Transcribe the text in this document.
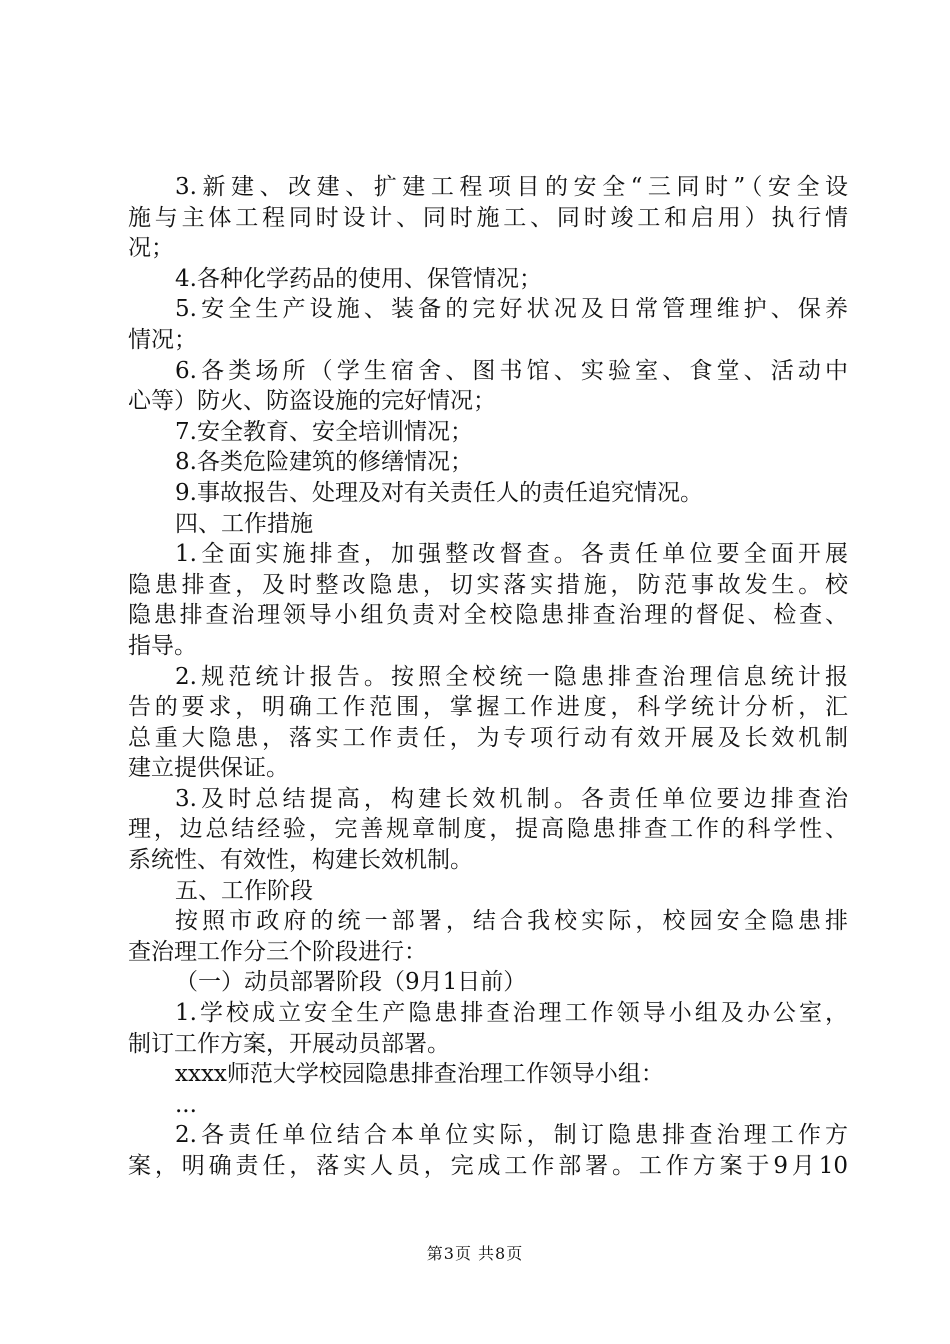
3.新建、改建、扩建工程项目的安全“三同时”（安全设
施与主体工程同时设计、同时施工、同时竣工和启用）执行情
况；
4.各种化学药品的使用、保管情况；
5.安全生产设施、装备的完好状况及日常管理维护、保养
情况；
6.各类场所（学生宿舍、图书馆、实验室、食堂、活动中
心等）防火、防盗设施的完好情况；
7.安全教育、安全培训情况；
8.各类危险建筑的修缮情况；
9.事故报告、处理及对有关责任人的责任追究情况。
四、工作措施
1.全面实施排查，加强整改督查。各责任单位要全面开展
隐患排查，及时整改隐患，切实落实措施，防范事故发生。校
隐患排查治理领导小组负责对全校隐患排查治理的督促、检查、
指导。
2.规范统计报告。按照全校统一隐患排查治理信息统计报
告的要求，明确工作范围，掌握工作进度，科学统计分析，汇
总重大隐患，落实工作责任，为专项行动有效开展及长效机制
建立提供保证。
3.及时总结提高，构建长效机制。各责任单位要边排查治
理，边总结经验，完善规章制度，提高隐患排查工作的科学性、
系统性、有效性，构建长效机制。
五、工作阶段
按照市政府的统一部署，结合我校实际，校园安全隐患排
查治理工作分三个阶段进行：
（一）动员部署阶段（9月1日前）
1.学校成立安全生产隐患排查治理工作领导小组及办公室，
制订工作方案，开展动员部署。
xxxx师范大学校园隐患排查治理工作领导小组：
...
2.各责任单位结合本单位实际，制订隐患排查治理工作方
案，明确责任，落实人员，完成工作部署。工作方案于9月10
第3页 共8页
